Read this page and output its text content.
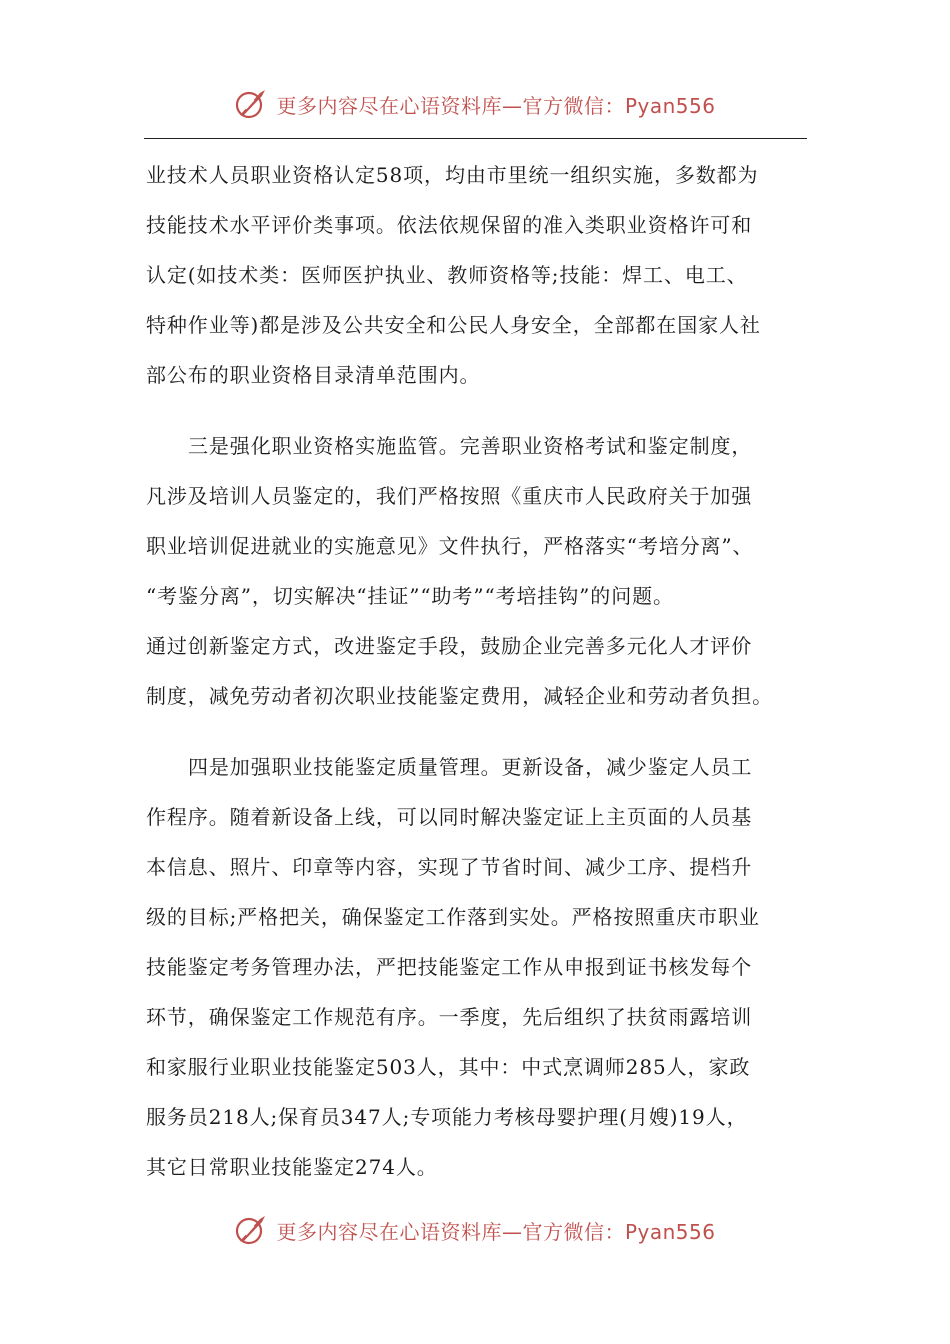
更多内容尽在心语资料库—官方微信：Pyan556
业技术人员职业资格认定58项，均由市里统一组织实施，多数都为
技能技术水平评价类事项。依法依规保留的准入类职业资格许可和
认定(如技术类：医师医护执业、教师资格等;技能：焊工、电工、
特种作业等)都是涉及公共安全和公民人身安全，全部都在国家人社
部公布的职业资格目录清单范围内。
三是强化职业资格实施监管。完善职业资格考试和鉴定制度，
凡涉及培训人员鉴定的，我们严格按照《重庆市人民政府关于加强
职业培训促进就业的实施意见》文件执行，严格落实“考培分离”、
“考鉴分离”，切实解决“挂证”“助考”“考培挂钩”的问题。
通过创新鉴定方式，改进鉴定手段，鼓励企业完善多元化人才评价
制度，减免劳动者初次职业技能鉴定费用，减轻企业和劳动者负担。
四是加强职业技能鉴定质量管理。更新设备，减少鉴定人员工
作程序。随着新设备上线，可以同时解决鉴定证上主页面的人员基
本信息、照片、印章等内容，实现了节省时间、减少工序、提档升
级的目标;严格把关，确保鉴定工作落到实处。严格按照重庆市职业
技能鉴定考务管理办法，严把技能鉴定工作从申报到证书核发每个
环节，确保鉴定工作规范有序。一季度，先后组织了扶贫雨露培训
和家服行业职业技能鉴定503人，其中：中式烹调师285人，家政
服务员218人;保育员347人;专项能力考核母婴护理(月嫂)19人，
其它日常职业技能鉴定274人。
更多内容尽在心语资料库—官方微信：Pyan556
